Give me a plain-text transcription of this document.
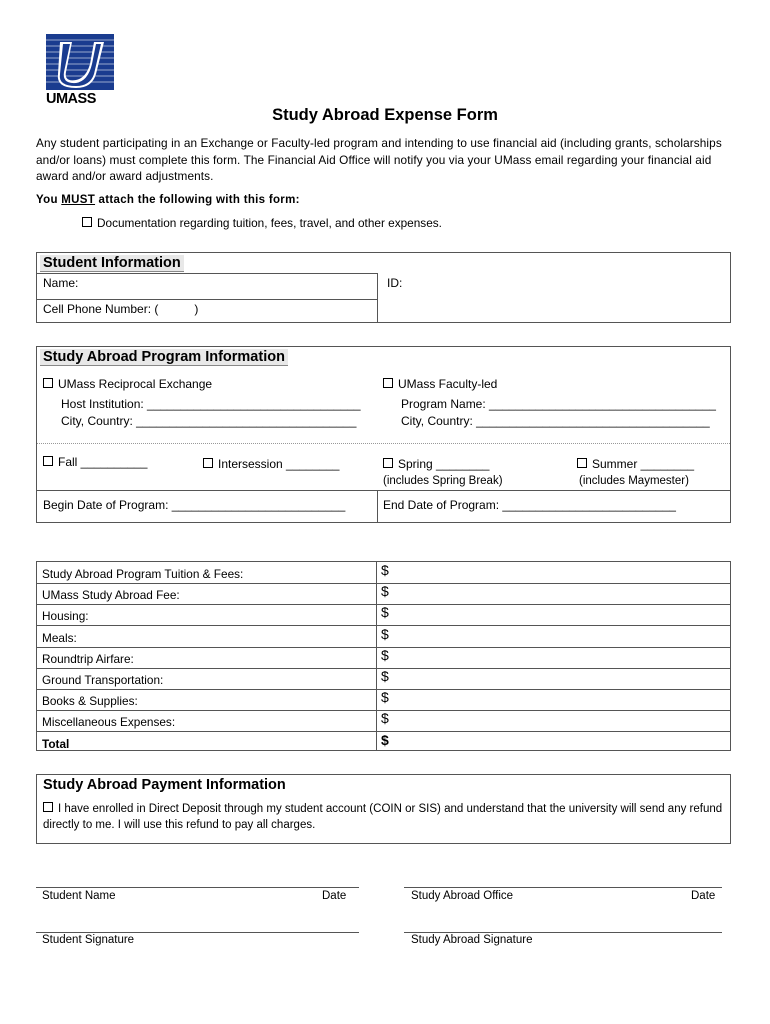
UMASS
Study Abroad Expense Form
Any student participating in an Exchange or Faculty-led program and intending to use financial aid (including grants, scholarships and/or loans) must complete this form. The Financial Aid Office will notify you via your UMass email regarding your financial aid award and/or award adjustments.
You MUST attach the following with this form:
Documentation regarding tuition, fees, travel, and other expenses.
Student Information
Name:	ID:
Cell Phone Number: (	)
Study Abroad Program Information
UMass Reciprocal Exchange
Host Institution: ________________________________
City, Country: _________________________________
UMass Faculty-led
Program Name: __________________________________
City, Country: ___________________________________
Fall __________	Intersession ________	Spring ________
(includes Spring Break)
Summer ________
(includes Maymester)
Begin Date of Program: __________________________	End Date of Program: __________________________
Study Abroad Program Tuition & Fees:	$
UMass Study Abroad Fee:	$
Housing:	$
Meals:	$
Roundtrip Airfare:	$
Ground Transportation:	$
Books & Supplies:	$
Miscellaneous Expenses:	$
Total	$
Study Abroad Payment Information
I have enrolled in Direct Deposit through my student account (COIN or SIS) and understand that the university will send any refund directly to me. I will use this refund to pay all charges.
Student Name	Date	Study Abroad Office	Date
Student Signature	Study Abroad Signature
